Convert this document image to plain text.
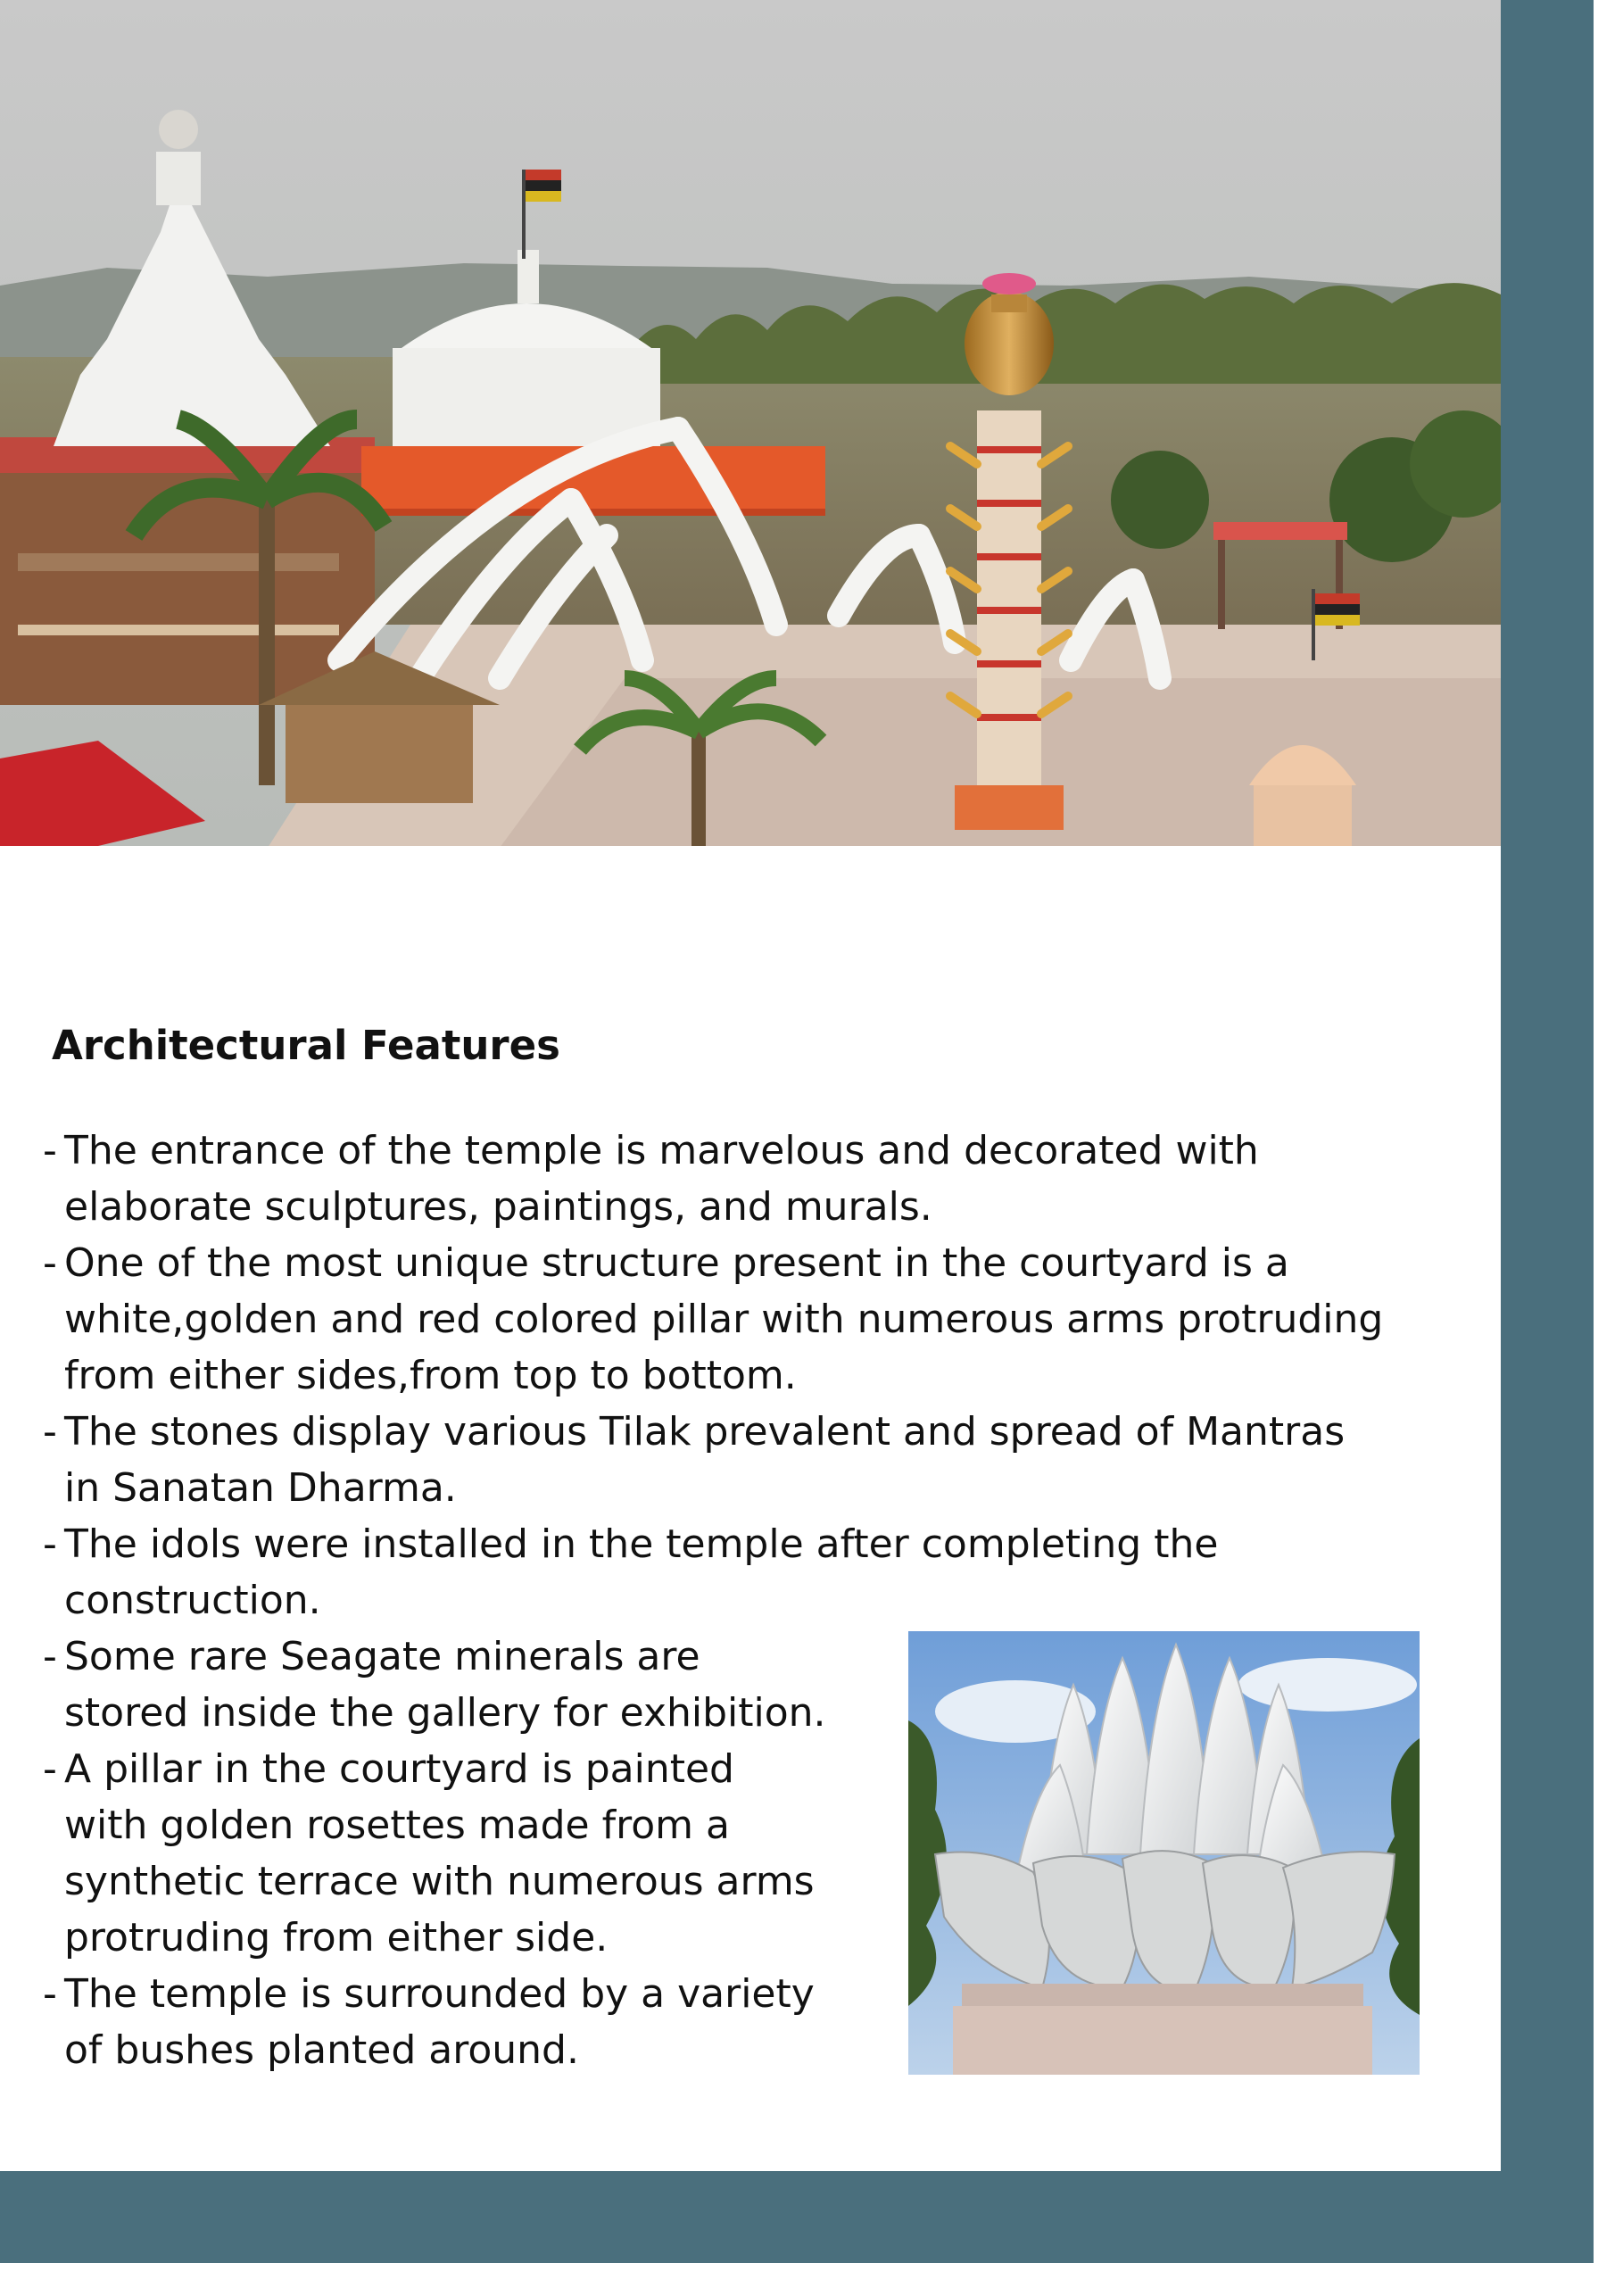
Architectural Features
- The entrance of the temple is marvelous and decorated with
elaborate sculptures, paintings, and murals.
- One of the most unique structure present in the courtyard is a
white,golden and red colored pillar with numerous arms protruding
from either sides,from top to bottom.
- The stones display various Tilak prevalent and spread of Mantras
in Sanatan Dharma.
- The idols were installed in the temple after completing the
construction.
- Some rare Seagate minerals are
stored inside the gallery for exhibition.
- A pillar in the courtyard is painted
with golden rosettes made from a
synthetic terrace with numerous arms
protruding from either side.
- The temple is surrounded by a variety
of bushes planted around.
